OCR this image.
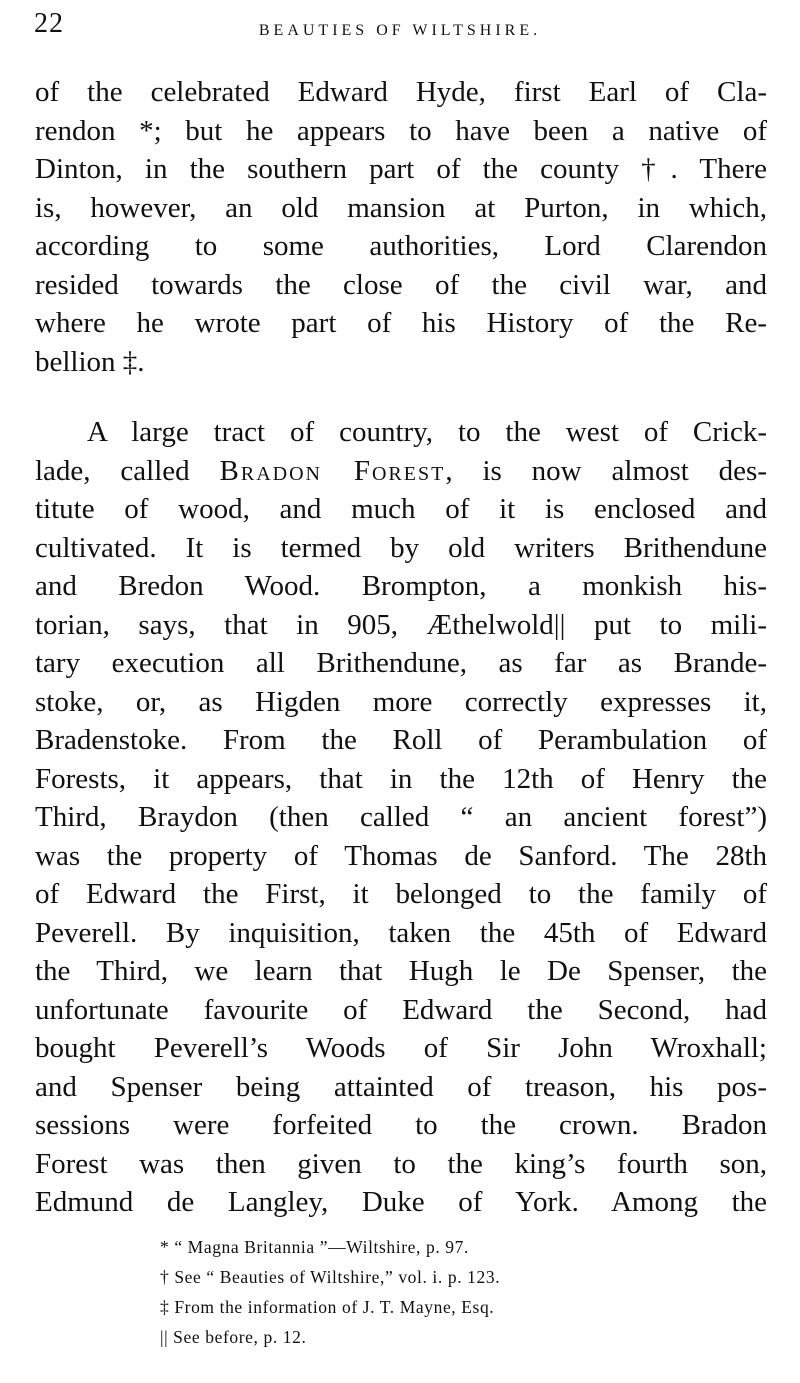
22	BEAUTIES OF WILTSHIRE.
of the celebrated Edward Hyde, first Earl of Cla-
rendon *; but he appears to have been a native of
Dinton, in the southern part of the county †. There
is, however, an old mansion at Purton, in which,
according to some authorities, Lord Clarendon
resided towards the close of the civil war, and
where he wrote part of his History of the Re-
bellion ‡.
A large tract of country, to the west of Crick-
lade, called Bradon Forest, is now almost des-
titute of wood, and much of it is enclosed and
cultivated. It is termed by old writers Brithendune
and Bredon Wood. Brompton, a monkish his-
torian, says, that in 905, Æthelwold|| put to mili-
tary execution all Brithendune, as far as Brande-
stoke, or, as Higden more correctly expresses it,
Bradenstoke. From the Roll of Perambulation of
Forests, it appears, that in the 12th of Henry the
Third, Braydon (then called “ an ancient forest”)
was the property of Thomas de Sanford. The 28th
of Edward the First, it belonged to the family of
Peverell. By inquisition, taken the 45th of Edward
the Third, we learn that Hugh le De Spenser, the
unfortunate favourite of Edward the Second, had
bought Peverell’s Woods of Sir John Wroxhall;
and Spenser being attainted of treason, his pos-
sessions were forfeited to the crown. Bradon
Forest was then given to the king’s fourth son,
Edmund de Langley, Duke of York. Among the
* “ Magna Britannia ”—Wiltshire, p. 97.
† See “ Beauties of Wiltshire,” vol. i. p. 123.
‡ From the information of J. T. Mayne, Esq.
|| See before, p. 12.
